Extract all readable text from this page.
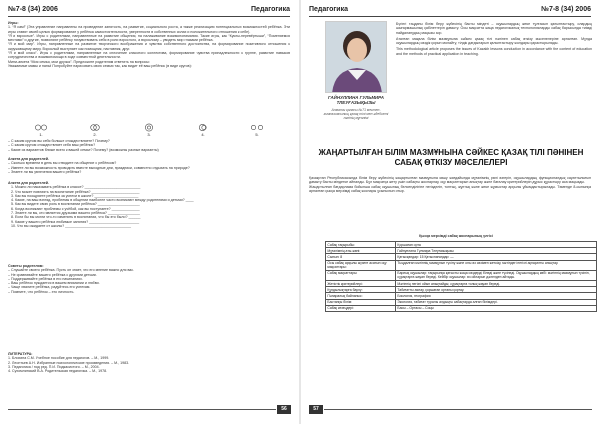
№7-8 (34) 2006	Педагогика

Игры:

1. “Я сам!” (Эта управление направлены на проведение занятость, на развитие, социального роста, а также реализацию потенциальных возможностей ребёнка. Эти игры ставят своей целью формирование у ребёнка самостоятельности, уверенности в собственных силах и положительного отношения к себе).

“Я и взрослые”. Игры с родителями, направленные на развитие общения, на налаживание взаимопонимания. Такие игры, как “Куклы-перевёртыши”, “Поменяемся местами” и другие, позволяют ребёнку почувствовать себя в роли взрослого, а взрослому – увидеть мир глазами ребёнка.

“Я и мой мир”. Игры, направленные на развитие творческого воображения и чувства собственного достоинства, на формирование позитивного отношения к окружающему миру. Взрослый выступает как помощник, наставник, друг.

“Я и мой класс”. Игры с родителями, направленные на сплочение классного коллектива, формирование чувства принадлежности к группе, развитие навыков сотрудничества и взаимопомощи в ходе совместной деятельности.

Мини-анкета “Моя семья, мои друзья”. Предложите родителям ответить на вопросы:

Уважаемые мамы и папы! Попробуйте нарисовать свою семью так, как видит её ваш ребёнок (в виде кругов):

1.	2.	3.	4.	5.

– С каким кругом вы себя больше отождествляете? Почему?

– С каким кругом отождествляет себя ваш ребёнок?

– Какие из вариантов ближе всего к вашей семье? Почему? (возможны разные варианты)

Анкета для родителей.

– Сколько времени в день вы отводите на общение с ребёнком?

– Имеете ли вы возможность проводить вместе выходные дни, праздники, совместно отдыхать на природе?

– Знаете ли вы увлечения вашего ребёнка?

Анкета для родителей.

1. Можно ли наказывать ребёнка в классе? ____________________________

2. Что может повлиять на воспитание ребёнка? ________________________

3. Как вы поощряете ребёнка за успехи в школе? ______________________

4. Какие, на ваш взгляд, проблемы в общении наиболее часто возникают между родителями и детьми? ____

5. Как вы видите свою роль в воспитании ребёнка? _____________________

6. Когда возникают проблемы с учёбой, как вы поступаете? ______________

7. Знаете ли вы, кто является друзьями вашего ребёнка? ________________

8. Если бы вы могли что-то изменить в воспитании, что бы это было? ______

9. Какие у вашего ребёнка любимые занятия? _________________________

10. Что вы ожидаете от школы? _________________________________

Советы родителям:

– Слушайте своего ребёнка. Пусть он знает, что его мнение важно для вас.

– Не сравнивайте вашего ребёнка с другими детьми.

– Поддерживайте ребёнка в его начинаниях.

– Ваш ребёнок нуждается в вашем внимании и любви.

– Чаще хвалите ребёнка, радуйтесь его успехам.

– Помните, что ребёнок – это личность.

ЛИТЕРАТУРА:

1. Блохина С.М. Учебное пособие для педагогов. – М., 1999.

2. Леонтьев А.Н. Избранные психологические произведения. – М., 1983.

3. Педагогика / под ред. П.И. Пидкасистого. – М., 2004.

4. Сухомлинский В.А. Родительская педагогика. – М., 1978.

56
Педагогика	№7-8 (34) 2006
ГАЙНУЛЛИНА ГУЛЬМИРА ТЛЕУҒАЗЫҚЫЗЫ
Алматы қаласы №71 мектеп-гимназиясының қазақ тілі мен әдебиеті пәнінің мұғалімі

Бүгінгі таңдағы білім беру жүйесінің басты міндеті – оқушылардың жеке тұлғасын қалыптастыру, олардың шығармашылық қабілеттерін дамыту. Осы мақсатта жаңа педагогикалық технологияларды сабақ барысында тиімді пайдаланудың маңызы зор.

Аталған мақала білім мазмұнына сәйкес қазақ тілі пәнінен сабақ өткізу мәселелеріне арналған. Мұнда оқушылардың сөздік қорын молайту, тілдік дағдыларын қалыптастыру жолдары қарастырылады.

This methodological article proposes the issues of Kazakh lessons conduction in accordance with the content of education and the methods of practical application in teaching.

ЖАҢАРТЫЛҒАН БІЛІМ МАЗМҰНЫНА СӘЙКЕС ҚАЗАҚ ТІЛІ ПӘНІНЕН САБАҚ ӨТКІЗУ МӘСЕЛЕЛЕРІ

Қазақстан Республикасында білім беру жүйесінің жаңартылған мазмұнына көшу жағдайында мұғалімнің рөлі өзгеріп, оқушылардың функционалдық сауаттылығын дамыту басты міндетке айналды. Бұл мақсатқа жету үшін сабақты жоспарлау, оқу мақсаттарын анықтау және бағалау критерийлерін дұрыс құрастыру аса маңызды.

Жаңартылған бағдарлама бойынша сабақ оқушының белсенділігіне негізделіп, топтық, жұптық және жеке жұмыстар арқылы ұйымдастырылады. Төменде 8-сыныпқа арналған қысқа мерзімді сабақ жоспары ұсынылып отыр.

Қысқа мерзімді сабақ жоспарының үлгісі
Сабақ тақырыбы:	Қоршаған орта
Мұғалімнің аты-жөні:	Гайнуллина Гүлмира Тлеуғазықызы
Сынып: 8	Қатысқандар: 15 Қатыспағандар: —
Осы сабақ арқылы жүзеге асатын оқу мақсаттары:	Тыңдалған мәтіннің мазмұнын түсіну және оны өз сөзімен жеткізу, мәтіндегі негізгі ақпаратты анықтау.
Сабақ мақсаттары:	Барлық оқушылар: тақырыпқа қатысты жаңа сөздерді біледі және түсінеді. Оқушылардың көбі: мәтіннің мазмұнын түсініп, сұрақтарға жауап береді. Кейбір оқушылар: өз ойларын дәлелдеп айтады.
Жетістік критерийлері:	Мәтіннің негізгі ойын анықтайды; сұрақтарға толық жауап береді.
Құндылықтарға баулу:	Табиғатты аялау, қоршаған ортаны қорғау.
Пәнаралық байланыс:	Биология, география
Бастапқы білім:	Экология, табиғат туралы алдыңғы сабақтарда алған білімдері.
Сабақ кезеңдері:	Басы – Ортасы – Соңы
57
